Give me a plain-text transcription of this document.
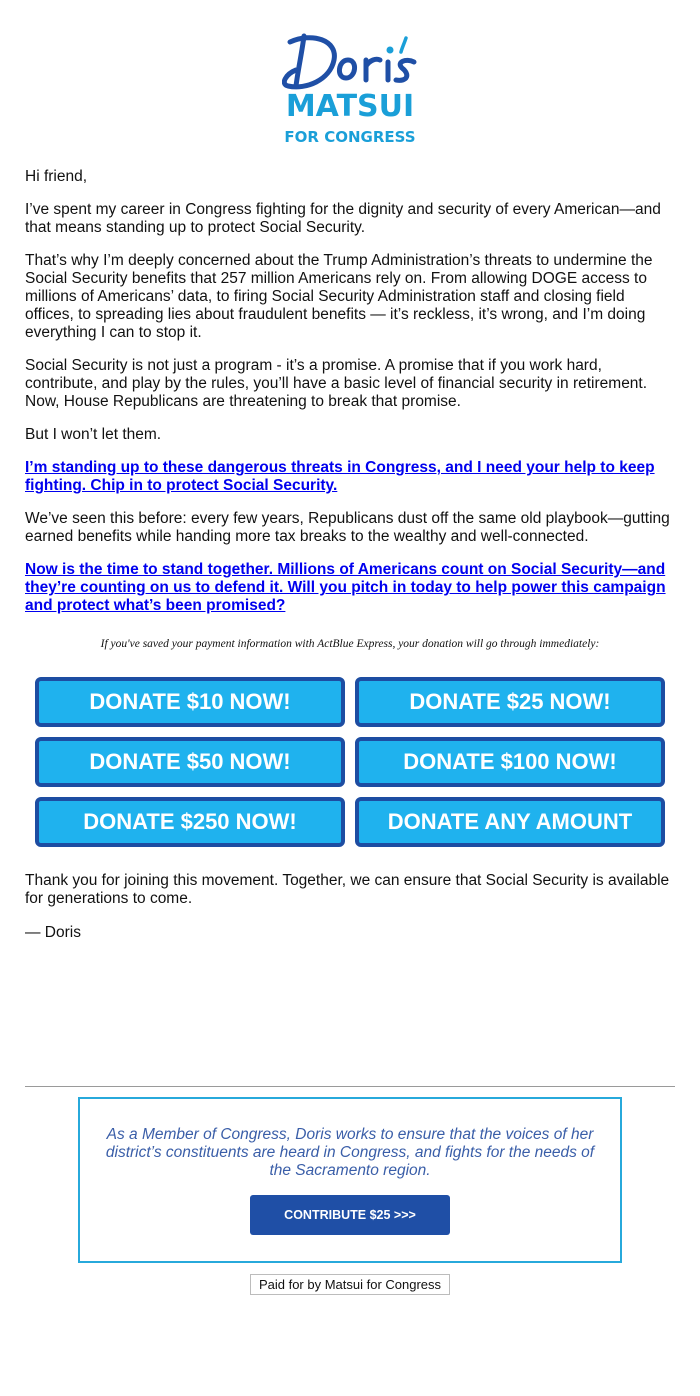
MATSUI
FOR CONGRESS

Hi friend,

I’ve spent my career in Congress fighting for the dignity and security of every American—and that means standing up to protect Social Security.

That’s why I’m deeply concerned about the Trump Administration’s threats to undermine the Social Security benefits that 257 million Americans rely on. From allowing DOGE access to millions of Americans’ data, to firing Social Security Administration staff and closing field offices, to spreading lies about fraudulent benefits — it’s reckless, it’s wrong, and I’m doing everything I can to stop it.

Social Security is not just a program - it’s a promise. A promise that if you work hard, contribute, and play by the rules, you’ll have a basic level of financial security in retirement. Now, House Republicans are threatening to break that promise.

But I won’t let them.

I’m standing up to these dangerous threats in Congress, and I need your help to keep fighting. Chip in to protect Social Security.

We’ve seen this before: every few years, Republicans dust off the same old playbook—gutting earned benefits while handing more tax breaks to the wealthy and well-connected.

Now is the time to stand together. Millions of Americans count on Social Security—and they’re counting on us to defend it. Will you pitch in today to help power this campaign and protect what’s been promised?

If you've saved your payment information with ActBlue Express, your donation will go through immediately:
DONATE $10 NOW!	DONATE $25 NOW!
DONATE $50 NOW!	DONATE $100 NOW!
DONATE $250 NOW!	DONATE ANY AMOUNT

Thank you for joining this movement. Together, we can ensure that Social Security is available for generations to come.

— Doris

As a Member of Congress, Doris works to ensure that the voices of her district’s constituents are heard in Congress, and fights for the needs of the Sacramento region.
CONTRIBUTE $25 >>>
Paid for by Matsui for Congress
